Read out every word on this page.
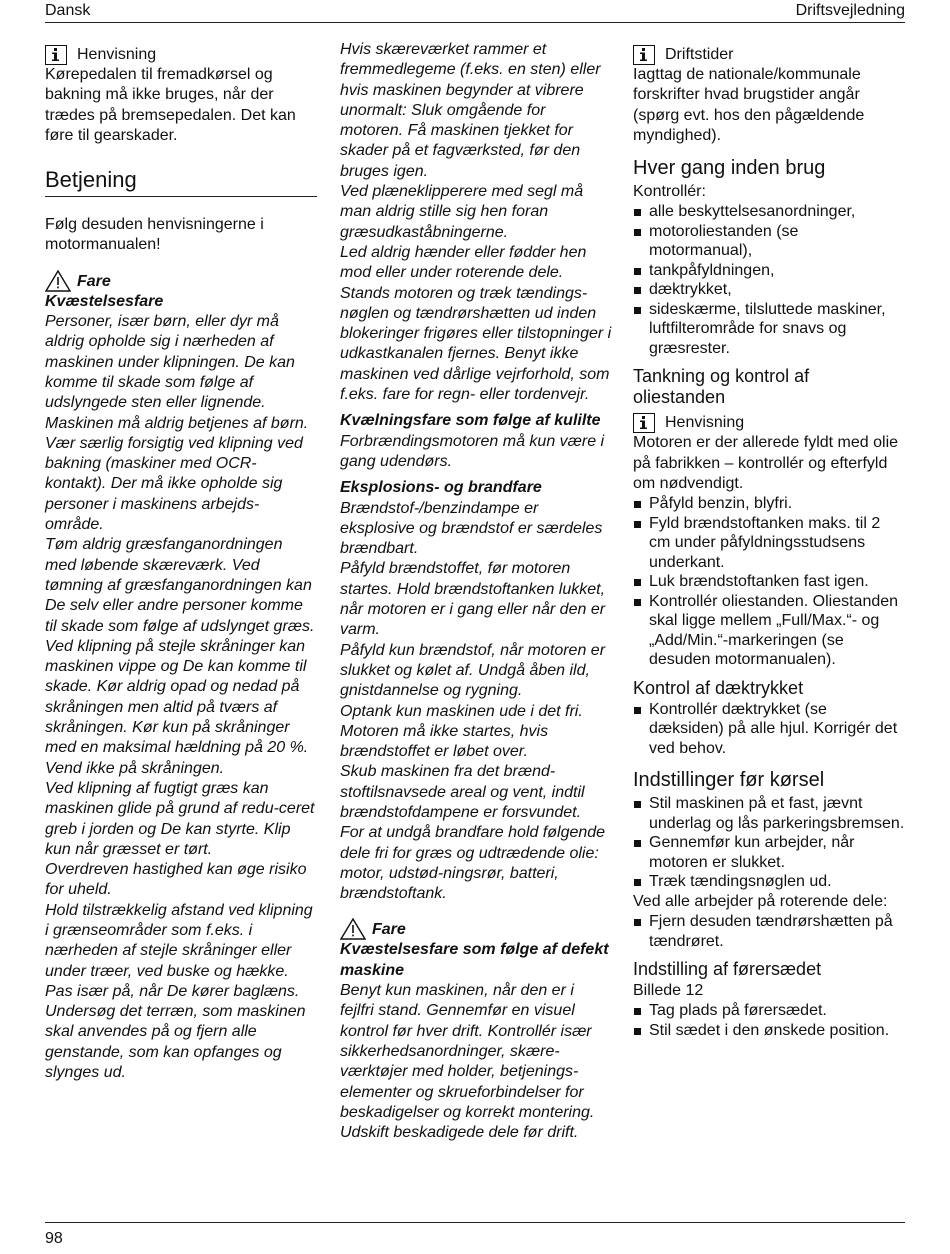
Dansk	Driftsvejledning
Henvisning

Kørepedalen til fremadkørsel og bakning må ikke bruges, når der trædes på bremsepedalen. Det kan føre til gearskader.

Betjening

Følg desuden henvisningerne i motormanualen!

Fare

Kvæstelsesfare

Personer, især børn, eller dyr må aldrig opholde sig i nærheden af maskinen under klipningen. De kan komme til skade som følge af udslyngede sten eller lignende.

Maskinen må aldrig betjenes af børn.

Vær særlig forsigtig ved klipning ved bakning (maskiner med OCR-kontakt). Der må ikke opholde sig personer i maskinens arbejds-område.

Tøm aldrig græsfanganordningen med løbende skæreværk. Ved tømning af græsfanganordningen kan De selv eller andre personer komme til skade som følge af udslynget græs.

Ved klipning på stejle skråninger kan maskinen vippe og De kan komme til skade. Kør aldrig opad og nedad på skråningen men altid på tværs af skråningen. Kør kun på skråninger med en maksimal hældning på 20 %. Vend ikke på skråningen.

Ved klipning af fugtigt græs kan maskinen glide på grund af redu-ceret greb i jorden og De kan styrte. Klip kun når græsset er tørt.

Overdreven hastighed kan øge risiko for uheld.

Hold tilstrækkelig afstand ved klipning i grænseområder som f.eks. i nærheden af stejle skråninger eller under træer, ved buske og hække.

Pas især på, når De kører baglæns.

Undersøg det terræn, som maskinen skal anvendes på og fjern alle genstande, som kan opfanges og slynges ud.

Hvis skæreværket rammer et fremmedlegeme (f.eks. en sten) eller hvis maskinen begynder at vibrere unormalt: Sluk omgående for motoren. Få maskinen tjekket for skader på et fagværksted, før den bruges igen.

Ved plæneklipperere med segl må man aldrig stille sig hen foran græsudkaståbningerne.

Led aldrig hænder eller fødder hen mod eller under roterende dele.

Stands motoren og træk tændings-nøglen og tændrørshætten ud inden blokeringer frigøres eller tilstopninger i udkastkanalen fjernes. Benyt ikke maskinen ved dårlige vejrforhold, som f.eks. fare for regn- eller tordenvejr.

Kvælningsfare som følge af kulilte

Forbrændingsmotoren må kun være i gang udendørs.

Eksplosions- og brandfare

Brændstof-/benzindampe er eksplosive og brændstof er særdeles brændbart.

Påfyld brændstoffet, før motoren startes. Hold brændstoftanken lukket, når motoren er i gang eller når den er varm.

Påfyld kun brændstof, når motoren er slukket og kølet af. Undgå åben ild, gnistdannelse og rygning.

Optank kun maskinen ude i det fri.

Motoren må ikke startes, hvis brændstoffet er løbet over.

Skub maskinen fra det brænd-stoftilsnavsede areal og vent, indtil brændstofdampene er forsvundet.

For at undgå brandfare hold følgende dele fri for græs og udtrædende olie: motor, udstød-ningsrør, batteri, brændstoftank.

Fare

Kvæstelsesfare som følge af defekt maskine

Benyt kun maskinen, når den er i fejlfri stand. Gennemfør en visuel kontrol før hver drift. Kontrollér især sikkerhedsanordninger, skære-værktøjer med holder, betjenings-elementer og skrueforbindelser for beskadigelser og korrekt montering.

Udskift beskadigede dele før drift.

Driftstider

Iagttag de nationale/kommunale forskrifter hvad brugstider angår (spørg evt. hos den pågældende myndighed).

Hver gang inden brug

Kontrollér:

alle beskyttelsesanordninger,
motoroliestanden (se motormanual),
tankpåfyldningen,
dæktrykket,
sideskærme, tilsluttede maskiner, luftfilterområde for snavs og græsrester.
Tankning og kontrol af oliestanden
Henvisning

Motoren er der allerede fyldt med olie på fabrikken – kontrollér og efterfyld om nødvendigt.

Påfyld benzin, blyfri.
Fyld brændstoftanken maks. til 2 cm under påfyldningsstudsens underkant.
Luk brændstoftanken fast igen.
Kontrollér oliestanden. Oliestanden skal ligge mellem „Full/Max.“- og „Add/Min.“-markeringen (se desuden motormanualen).
Kontrol af dæktrykket
Kontrollér dæktrykket (se dæksiden) på alle hjul. Korrigér det ved behov.
Indstillinger før kørsel
Stil maskinen på et fast, jævnt underlag og lås parkeringsbremsen.
Gennemfør kun arbejder, når motoren er slukket.
Træk tændingsnøglen ud.

Ved alle arbejder på roterende dele:

Fjern desuden tændrørshætten på tændrøret.
Indstilling af førersædet

Billede 12

Tag plads på førersædet.
Stil sædet i den ønskede position.
98
